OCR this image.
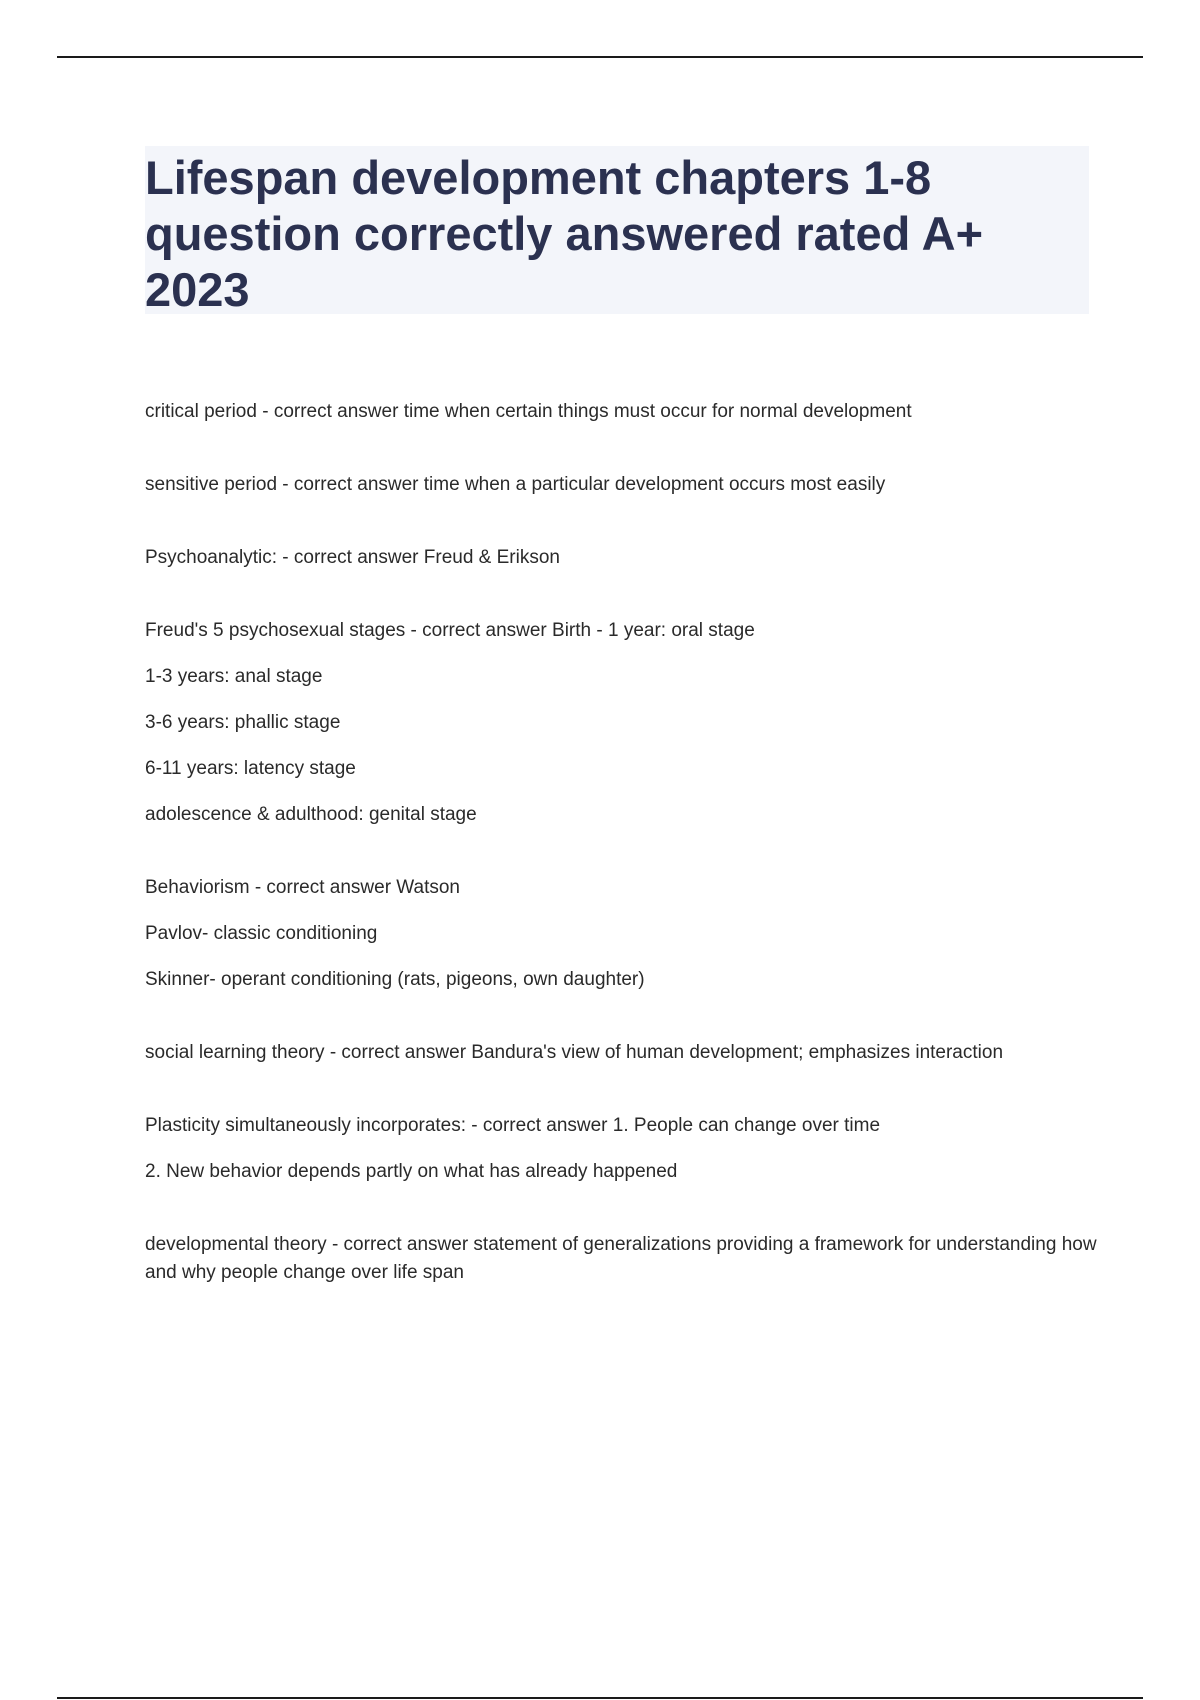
Lifespan development chapters 1-8
question correctly answered rated A+
2023

critical period - correct answer time when certain things must occur for normal development

sensitive period - correct answer time when a particular development occurs most easily

Psychoanalytic: - correct answer Freud & Erikson

Freud's 5 psychosexual stages - correct answer Birth - 1 year: oral stage

1-3 years: anal stage

3-6 years: phallic stage

6-11 years: latency stage

adolescence & adulthood: genital stage

Behaviorism - correct answer Watson

Pavlov- classic conditioning

Skinner- operant conditioning (rats, pigeons, own daughter)

social learning theory - correct answer Bandura's view of human development; emphasizes interaction

Plasticity simultaneously incorporates: - correct answer 1. People can change over time

2. New behavior depends partly on what has already happened

developmental theory - correct answer statement of generalizations providing a framework for understanding how and why people change over life span
